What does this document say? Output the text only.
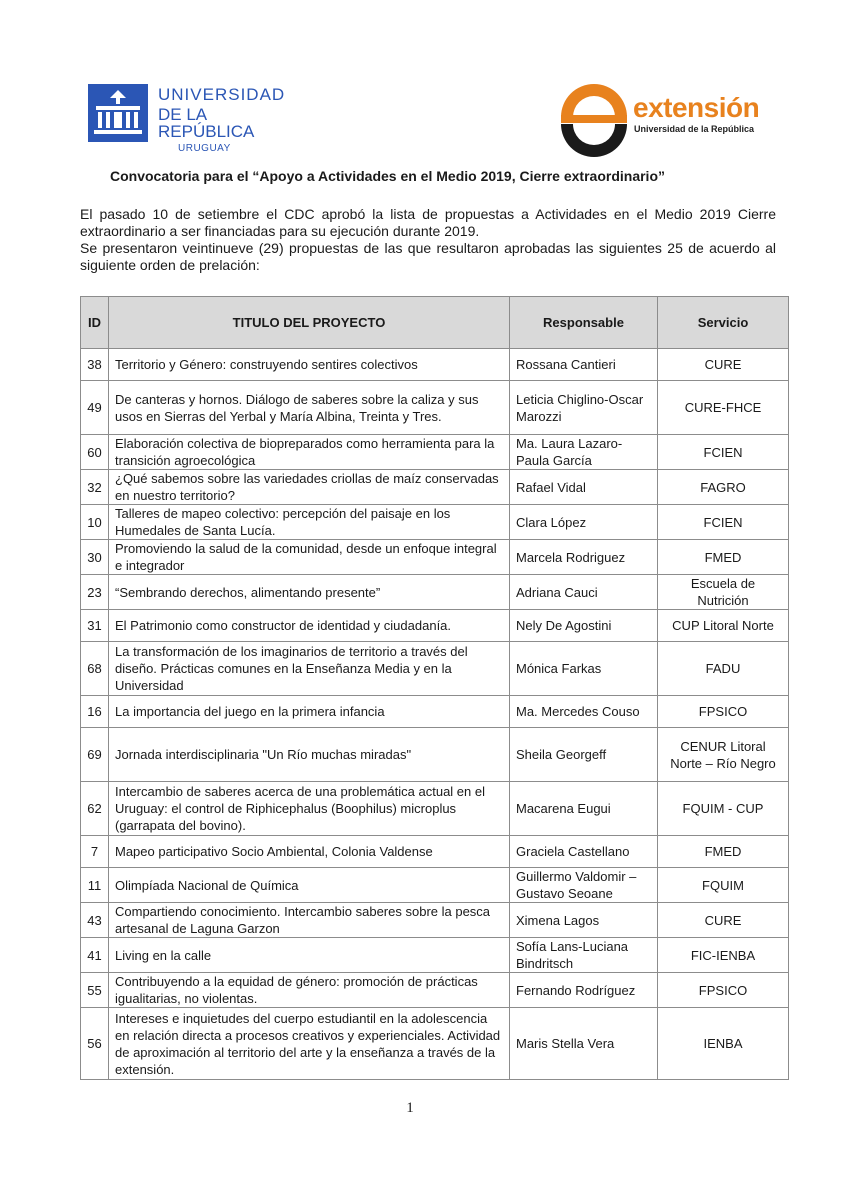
UNIVERSIDAD
DE LA REPÚBLICA
URUGUAY
extensión
Universidad de la República
Convocatoria para el “Apoyo a Actividades en el Medio 2019, Cierre extraordinario”

El pasado 10 de setiembre el CDC aprobó la lista de propuestas a Actividades en el Medio 2019 Cierre extraordinario a ser financiadas para su ejecución durante 2019.

Se presentaron veintinueve (29) propuestas de las que resultaron aprobadas las siguientes 25 de acuerdo al siguiente orden de prelación:

ID	TITULO DEL PROYECTO	Responsable	Servicio
38	Territorio y Género: construyendo sentires colectivos	Rossana Cantieri	CURE
49	De canteras y hornos. Diálogo de saberes sobre la caliza y sus usos en Sierras del Yerbal y María Albina, Treinta y Tres.	Leticia Chiglino-Oscar Marozzi	CURE-FHCE
60	Elaboración colectiva de biopreparados como herramienta para la transición agroecológica	Ma. Laura Lazaro-Paula García	FCIEN
32	¿Qué sabemos sobre las variedades criollas de maíz conservadas en nuestro territorio?	Rafael Vidal	FAGRO
10	Talleres de mapeo colectivo: percepción del paisaje en los Humedales de Santa Lucía.	Clara López	FCIEN
30	Promoviendo la salud de la comunidad, desde un enfoque integral e integrador	Marcela Rodriguez	FMED
23	“Sembrando derechos, alimentando presente”	Adriana Cauci	Escuela de Nutrición
31	El Patrimonio como constructor de identidad y ciudadanía.	Nely De Agostini	CUP Litoral Norte
68	La transformación de los imaginarios de territorio a través del diseño. Prácticas comunes en la Enseñanza Media y en la Universidad	Mónica Farkas	FADU
16	La importancia del juego en la primera infancia	Ma. Mercedes Couso	FPSICO
69	Jornada interdisciplinaria "Un Río muchas miradas"	Sheila Georgeff	CENUR Litoral Norte – Río Negro
62	Intercambio de saberes acerca de una problemática actual en el Uruguay: el control de Riphicephalus (Boophilus) microplus (garrapata del bovino).	Macarena Eugui	FQUIM - CUP
7	Mapeo participativo Socio Ambiental, Colonia Valdense	Graciela Castellano	FMED
11	Olimpíada Nacional de Química	Guillermo Valdomir – Gustavo Seoane	FQUIM
43	Compartiendo conocimiento. Intercambio saberes sobre la pesca artesanal de Laguna Garzon	Ximena Lagos	CURE
41	Living en la calle	Sofía Lans-Luciana Bindritsch	FIC-IENBA
55	Contribuyendo a la equidad de género: promoción de prácticas igualitarias, no violentas.	Fernando Rodríguez	FPSICO
56	Intereses e inquietudes del cuerpo estudiantil en la adolescencia en relación directa a procesos creativos y experienciales. Actividad de aproximación al territorio del arte y la enseñanza a través de la extensión.	Maris Stella Vera	IENBA
1
